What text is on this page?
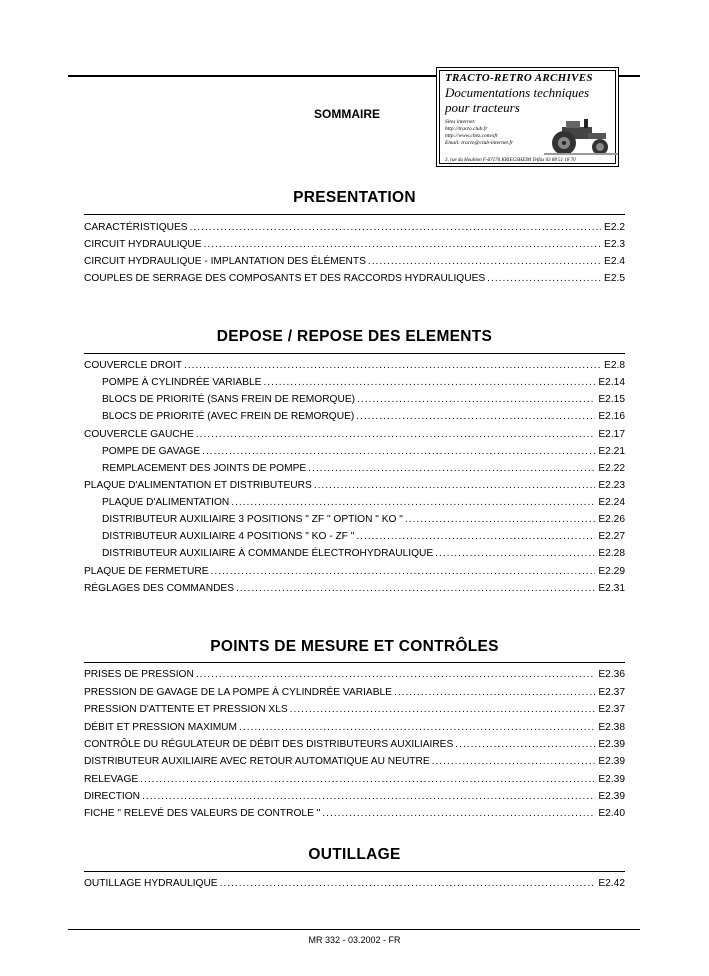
SOMMAIRE
TRACTO-RETRO ARCHIVES
Documentations techniques
pour tracteurs
Sites internet:
http://tracto.club.fr
http://www.chez.com/sfr
Email: tracto@club-internet.fr
3, rue du Houblon F-67170 KRIEGSHEIM Telfax 03 88 51 18 70
PRESENTATION
CARACTÉRISTIQUES .....	E2.2
CIRCUIT HYDRAULIQUE .....	E2.3
CIRCUIT HYDRAULIQUE - IMPLANTATION DES ÉLÉMENTS .....	E2.4
COUPLES DE SERRAGE DES COMPOSANTS ET DES RACCORDS HYDRAULIQUES .....	E2.5
DEPOSE / REPOSE DES ELEMENTS
COUVERCLE DROIT .....	E2.8
POMPE À CYLINDRÉE VARIABLE .....	E2.14
BLOCS DE PRIORITÉ (SANS FREIN DE REMORQUE) .....	E2.15
BLOCS DE PRIORITÉ (AVEC FREIN DE REMORQUE) .....	E2.16
COUVERCLE GAUCHE .....	E2.17
POMPE DE GAVAGE .....	E2.21
REMPLACEMENT DES JOINTS DE POMPE .....	E2.22
PLAQUE D'ALIMENTATION ET DISTRIBUTEURS .....	E2.23
PLAQUE D'ALIMENTATION .....	E2.24
DISTRIBUTEUR AUXILIAIRE 3 POSITIONS " ZF " OPTION " KO " .....	E2.26
DISTRIBUTEUR AUXILIAIRE 4 POSITIONS " KO - ZF " .....	E2.27
DISTRIBUTEUR AUXILIAIRE À COMMANDE ÉLECTROHYDRAULIQUE .....	E2.28
PLAQUE DE FERMETURE .....	E2.29
RÉGLAGES DES COMMANDES .....	E2.31
POINTS DE MESURE ET CONTRÔLES
PRISES DE PRESSION .....	E2.36
PRESSION DE GAVAGE DE LA POMPE À CYLINDRÉE VARIABLE .....	E2.37
PRESSION D'ATTENTE ET PRESSION XLS .....	E2.37
DÉBIT ET PRESSION MAXIMUM .....	E2.38
CONTRÔLE DU RÉGULATEUR DE DÉBIT DES DISTRIBUTEURS AUXILIAIRES .....	E2.39
DISTRIBUTEUR AUXILIAIRE AVEC RETOUR AUTOMATIQUE AU NEUTRE .....	E2.39
RELEVAGE .....	E2.39
DIRECTION .....	E2.39
FICHE " RELEVÉ DES VALEURS DE CONTROLE " .....	E2.40
OUTILLAGE
OUTILLAGE HYDRAULIQUE .....	E2.42
MR 332 - 03.2002 - FR
